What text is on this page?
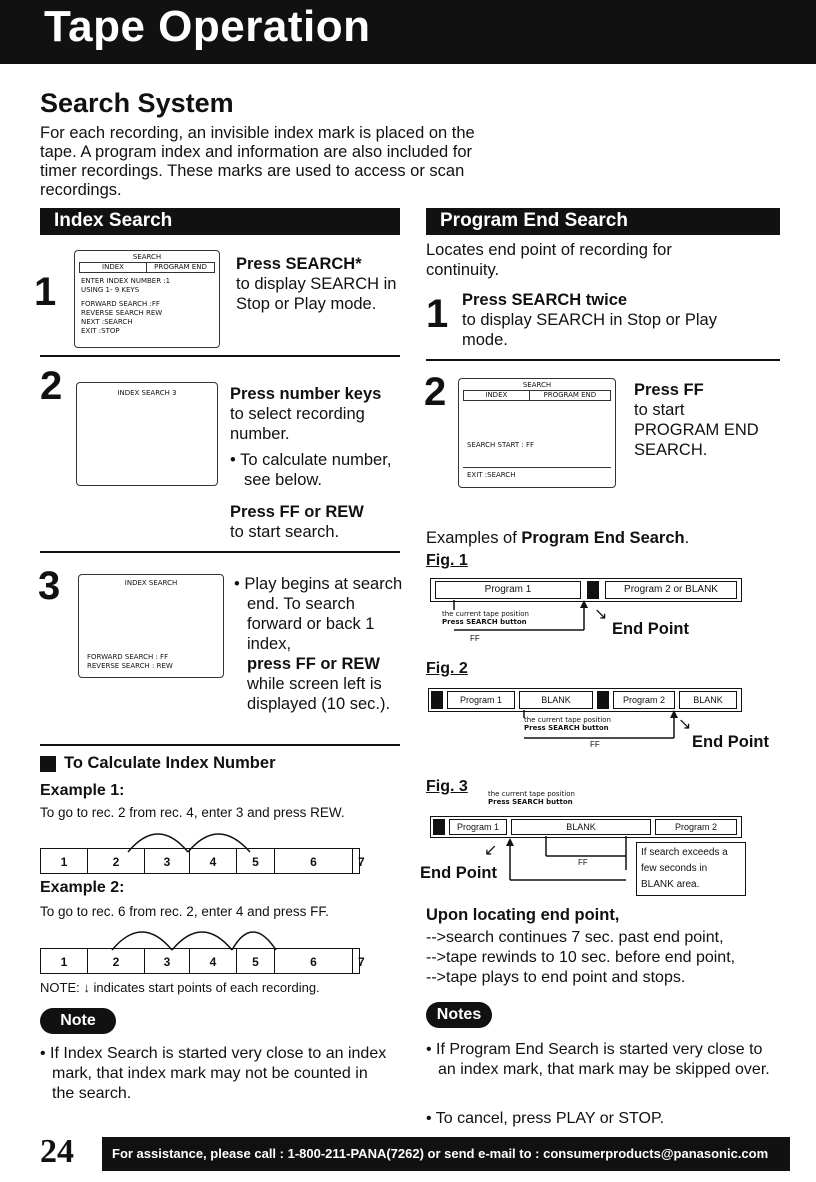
Tape Operation
Search System
For each recording, an invisible index mark is placed on the tape. A program index and information are also included for timer recordings. These marks are used to access or scan recordings.
Index Search
1
SEARCH
INDEX	PROGRAM END
ENTER INDEX NUMBER :1
USING 1- 9 KEYS
FORWARD SEARCH :FF
REVERSE SEARCH REW
NEXT :SEARCH
EXIT :STOP
Press SEARCH*
to display SEARCH in Stop or Play mode.
2	INDEX SEARCH 3	Press number keys
to select recording number.
• To calculate number, see below.
Press FF or REW
to start search.
3	INDEX SEARCH
FORWARD SEARCH : FF
REVERSE SEARCH : REW
• Play begins at search end. To search forward or back 1 index,
press FF or REW
while screen left is displayed (10 sec.).
To Calculate Index Number
Example 1:
To go to rec. 2 from rec. 4, enter 3 and press REW.
1	2	3	4	5	6	7
Example 2:
To go to rec. 6 from rec. 2, enter 4 and press FF.
1	2	3	4	5	6	7
NOTE: ↓ indicates start points of each recording.
Note
• If Index Search is started very close to an index mark, that index mark may not be counted in the search.
Program End Search
Locates end point of recording for continuity.
1 Press SEARCH twice
to display SEARCH in Stop or Play mode.
2	SEARCH
INDEX	PROGRAM END
SEARCH START : FF
EXIT :SEARCH
Press FF
to start PROGRAM END SEARCH.
Examples of Program End Search.
Fig. 1
Program 1	Program 2 or BLANK
the current tape position
Press SEARCH button
FF
↘
End Point
Fig. 2
Program 1	BLANK	Program 2	BLANK
the current tape position
Press SEARCH button
FF
↘
End Point
Fig. 3	the current tape position
Press SEARCH button
Program 1	BLANK	Program 2
FF
↙
End Point
If search exceeds a few seconds in BLANK area.
Upon locating end point,
-->search continues 7 sec. past end point,
-->tape rewinds to 10 sec. before end point,
-->tape plays to end point and stops.
Notes
• If Program End Search is started very close to an index mark, that mark may be skipped over.
• To cancel, press PLAY or STOP.
24	For assistance, please call : 1-800-211-PANA(7262) or send e-mail to : consumerproducts@panasonic.com
